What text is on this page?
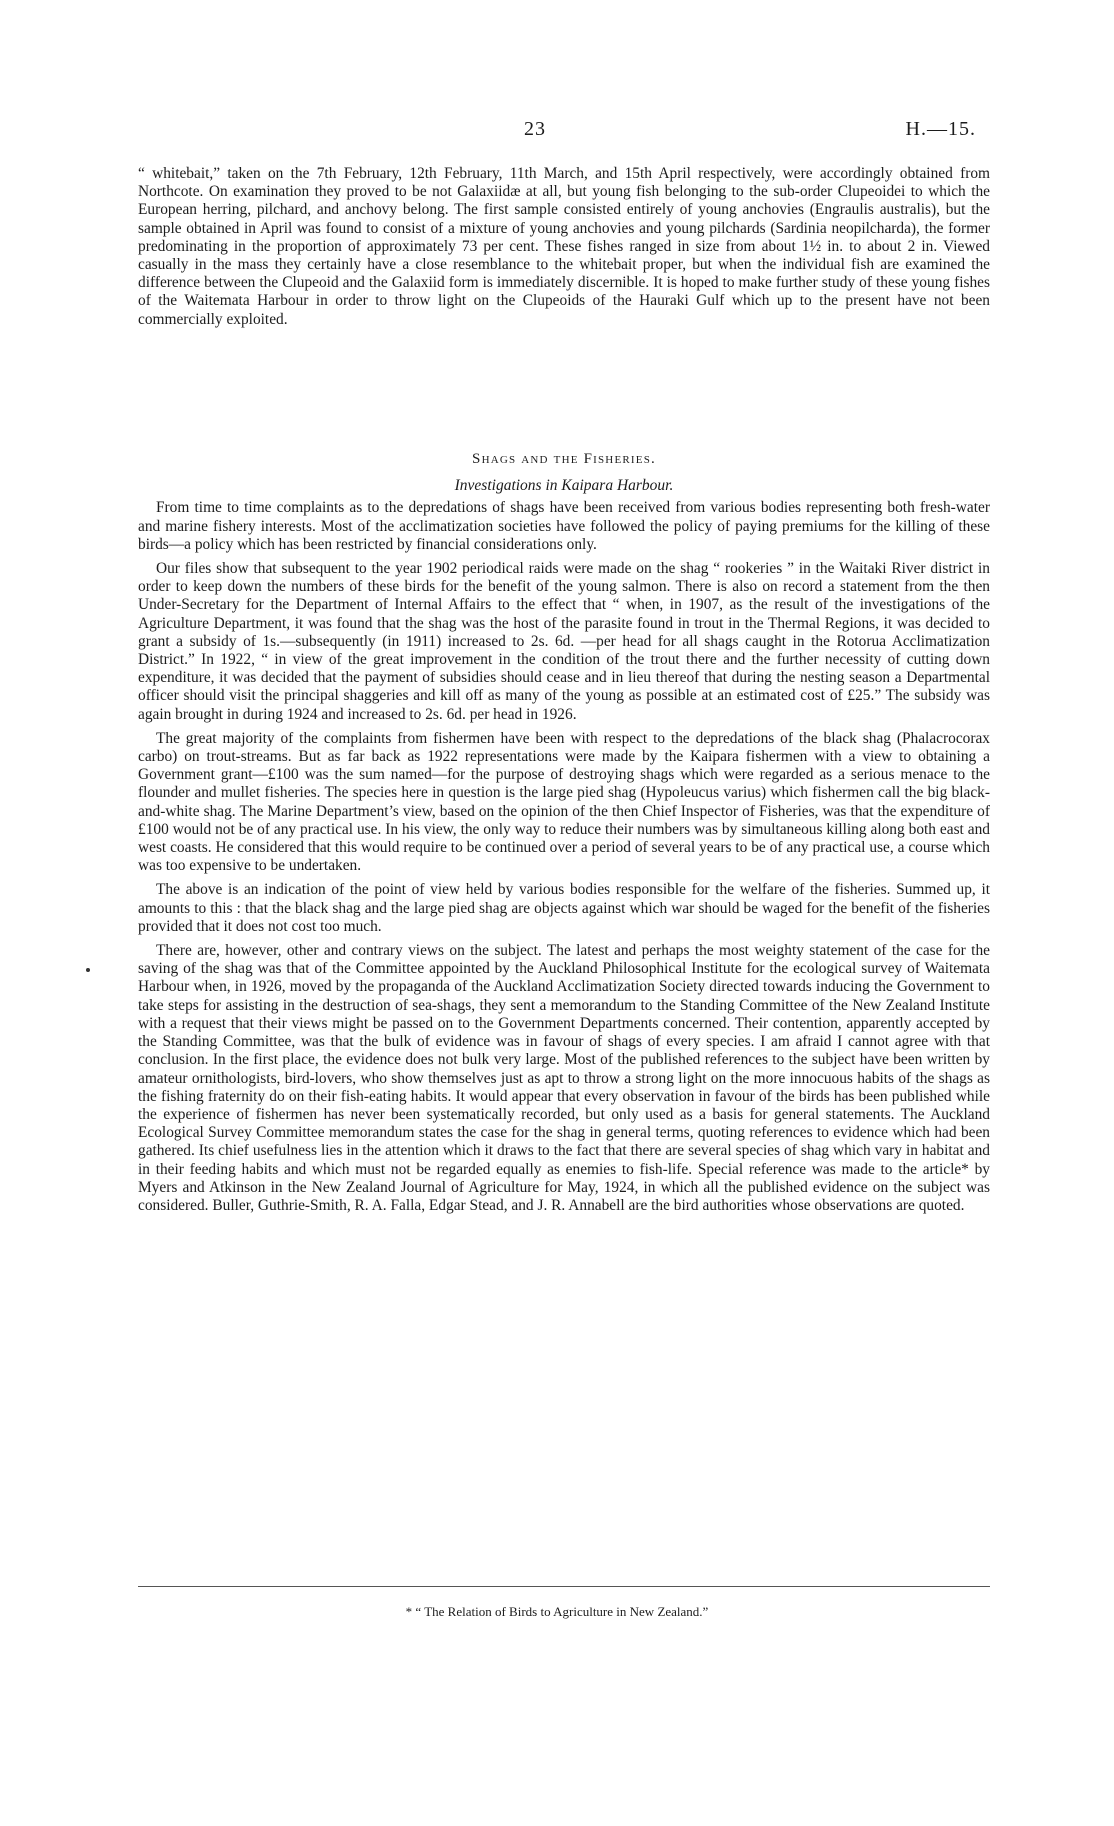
23	H.—15.

“ whitebait,” taken on the 7th February, 12th February, 11th March, and 15th April respectively, were accordingly obtained from Northcote. On examination they proved to be not Galaxiidæ at all, but young fish belonging to the sub-order Clupeoidei to which the European herring, pilchard, and anchovy belong. The first sample consisted entirely of young anchovies (Engraulis australis), but the sample obtained in April was found to consist of a mixture of young anchovies and young pilchards (Sardinia neopilcharda), the former predominating in the proportion of approximately 73 per cent. These fishes ranged in size from about 1½ in. to about 2 in. Viewed casually in the mass they certainly have a close resemblance to the whitebait proper, but when the individual fish are examined the difference between the Clupeoid and the Galaxiid form is immediately discernible. It is hoped to make further study of these young fishes of the Waitemata Harbour in order to throw light on the Clupeoids of the Hauraki Gulf which up to the present have not been commercially exploited.

Shags and the Fisheries.
Investigations in Kaipara Harbour.

From time to time complaints as to the depredations of shags have been received from various bodies representing both fresh-water and marine fishery interests. Most of the acclimatization societies have followed the policy of paying premiums for the killing of these birds—a policy which has been restricted by financial considerations only.

Our files show that subsequent to the year 1902 periodical raids were made on the shag “ rookeries ” in the Waitaki River district in order to keep down the numbers of these birds for the benefit of the young salmon. There is also on record a statement from the then Under-Secretary for the Department of Internal Affairs to the effect that “ when, in 1907, as the result of the investigations of the Agriculture Department, it was found that the shag was the host of the parasite found in trout in the Thermal Regions, it was decided to grant a subsidy of 1s.—subsequently (in 1911) increased to 2s. 6d. —per head for all shags caught in the Rotorua Acclimatization District.” In 1922, “ in view of the great improvement in the condition of the trout there and the further necessity of cutting down expenditure, it was decided that the payment of subsidies should cease and in lieu thereof that during the nesting season a Departmental officer should visit the principal shaggeries and kill off as many of the young as possible at an estimated cost of £25.” The subsidy was again brought in during 1924 and increased to 2s. 6d. per head in 1926.

The great majority of the complaints from fishermen have been with respect to the depredations of the black shag (Phalacrocorax carbo) on trout-streams. But as far back as 1922 representations were made by the Kaipara fishermen with a view to obtaining a Government grant—£100 was the sum named—for the purpose of destroying shags which were regarded as a serious menace to the flounder and mullet fisheries. The species here in question is the large pied shag (Hypoleucus varius) which fishermen call the big black-and-white shag. The Marine Department’s view, based on the opinion of the then Chief Inspector of Fisheries, was that the expenditure of £100 would not be of any practical use. In his view, the only way to reduce their numbers was by simultaneous killing along both east and west coasts. He considered that this would require to be continued over a period of several years to be of any practical use, a course which was too expensive to be undertaken.

The above is an indication of the point of view held by various bodies responsible for the welfare of the fisheries. Summed up, it amounts to this : that the black shag and the large pied shag are objects against which war should be waged for the benefit of the fisheries provided that it does not cost too much.

There are, however, other and contrary views on the subject. The latest and perhaps the most weighty statement of the case for the saving of the shag was that of the Committee appointed by the Auckland Philosophical Institute for the ecological survey of Waitemata Harbour when, in 1926, moved by the propaganda of the Auckland Acclimatization Society directed towards inducing the Government to take steps for assisting in the destruction of sea-shags, they sent a memorandum to the Standing Committee of the New Zealand Institute with a request that their views might be passed on to the Government Departments concerned. Their contention, apparently accepted by the Standing Committee, was that the bulk of evidence was in favour of shags of every species. I am afraid I cannot agree with that conclusion. In the first place, the evidence does not bulk very large. Most of the published references to the subject have been written by amateur ornithologists, bird-lovers, who show themselves just as apt to throw a strong light on the more innocuous habits of the shags as the fishing fraternity do on their fish-eating habits. It would appear that every observation in favour of the birds has been published while the experience of fishermen has never been systematically recorded, but only used as a basis for general statements. The Auckland Ecological Survey Committee memorandum states the case for the shag in general terms, quoting references to evidence which had been gathered. Its chief usefulness lies in the attention which it draws to the fact that there are several species of shag which vary in habitat and in their feeding habits and which must not be regarded equally as enemies to fish-life. Special reference was made to the article* by Myers and Atkinson in the New Zealand Journal of Agriculture for May, 1924, in which all the published evidence on the subject was considered. Buller, Guthrie-Smith, R. A. Falla, Edgar Stead, and J. R. Annabell are the bird authorities whose observations are quoted.

* “ The Relation of Birds to Agriculture in New Zealand.”
